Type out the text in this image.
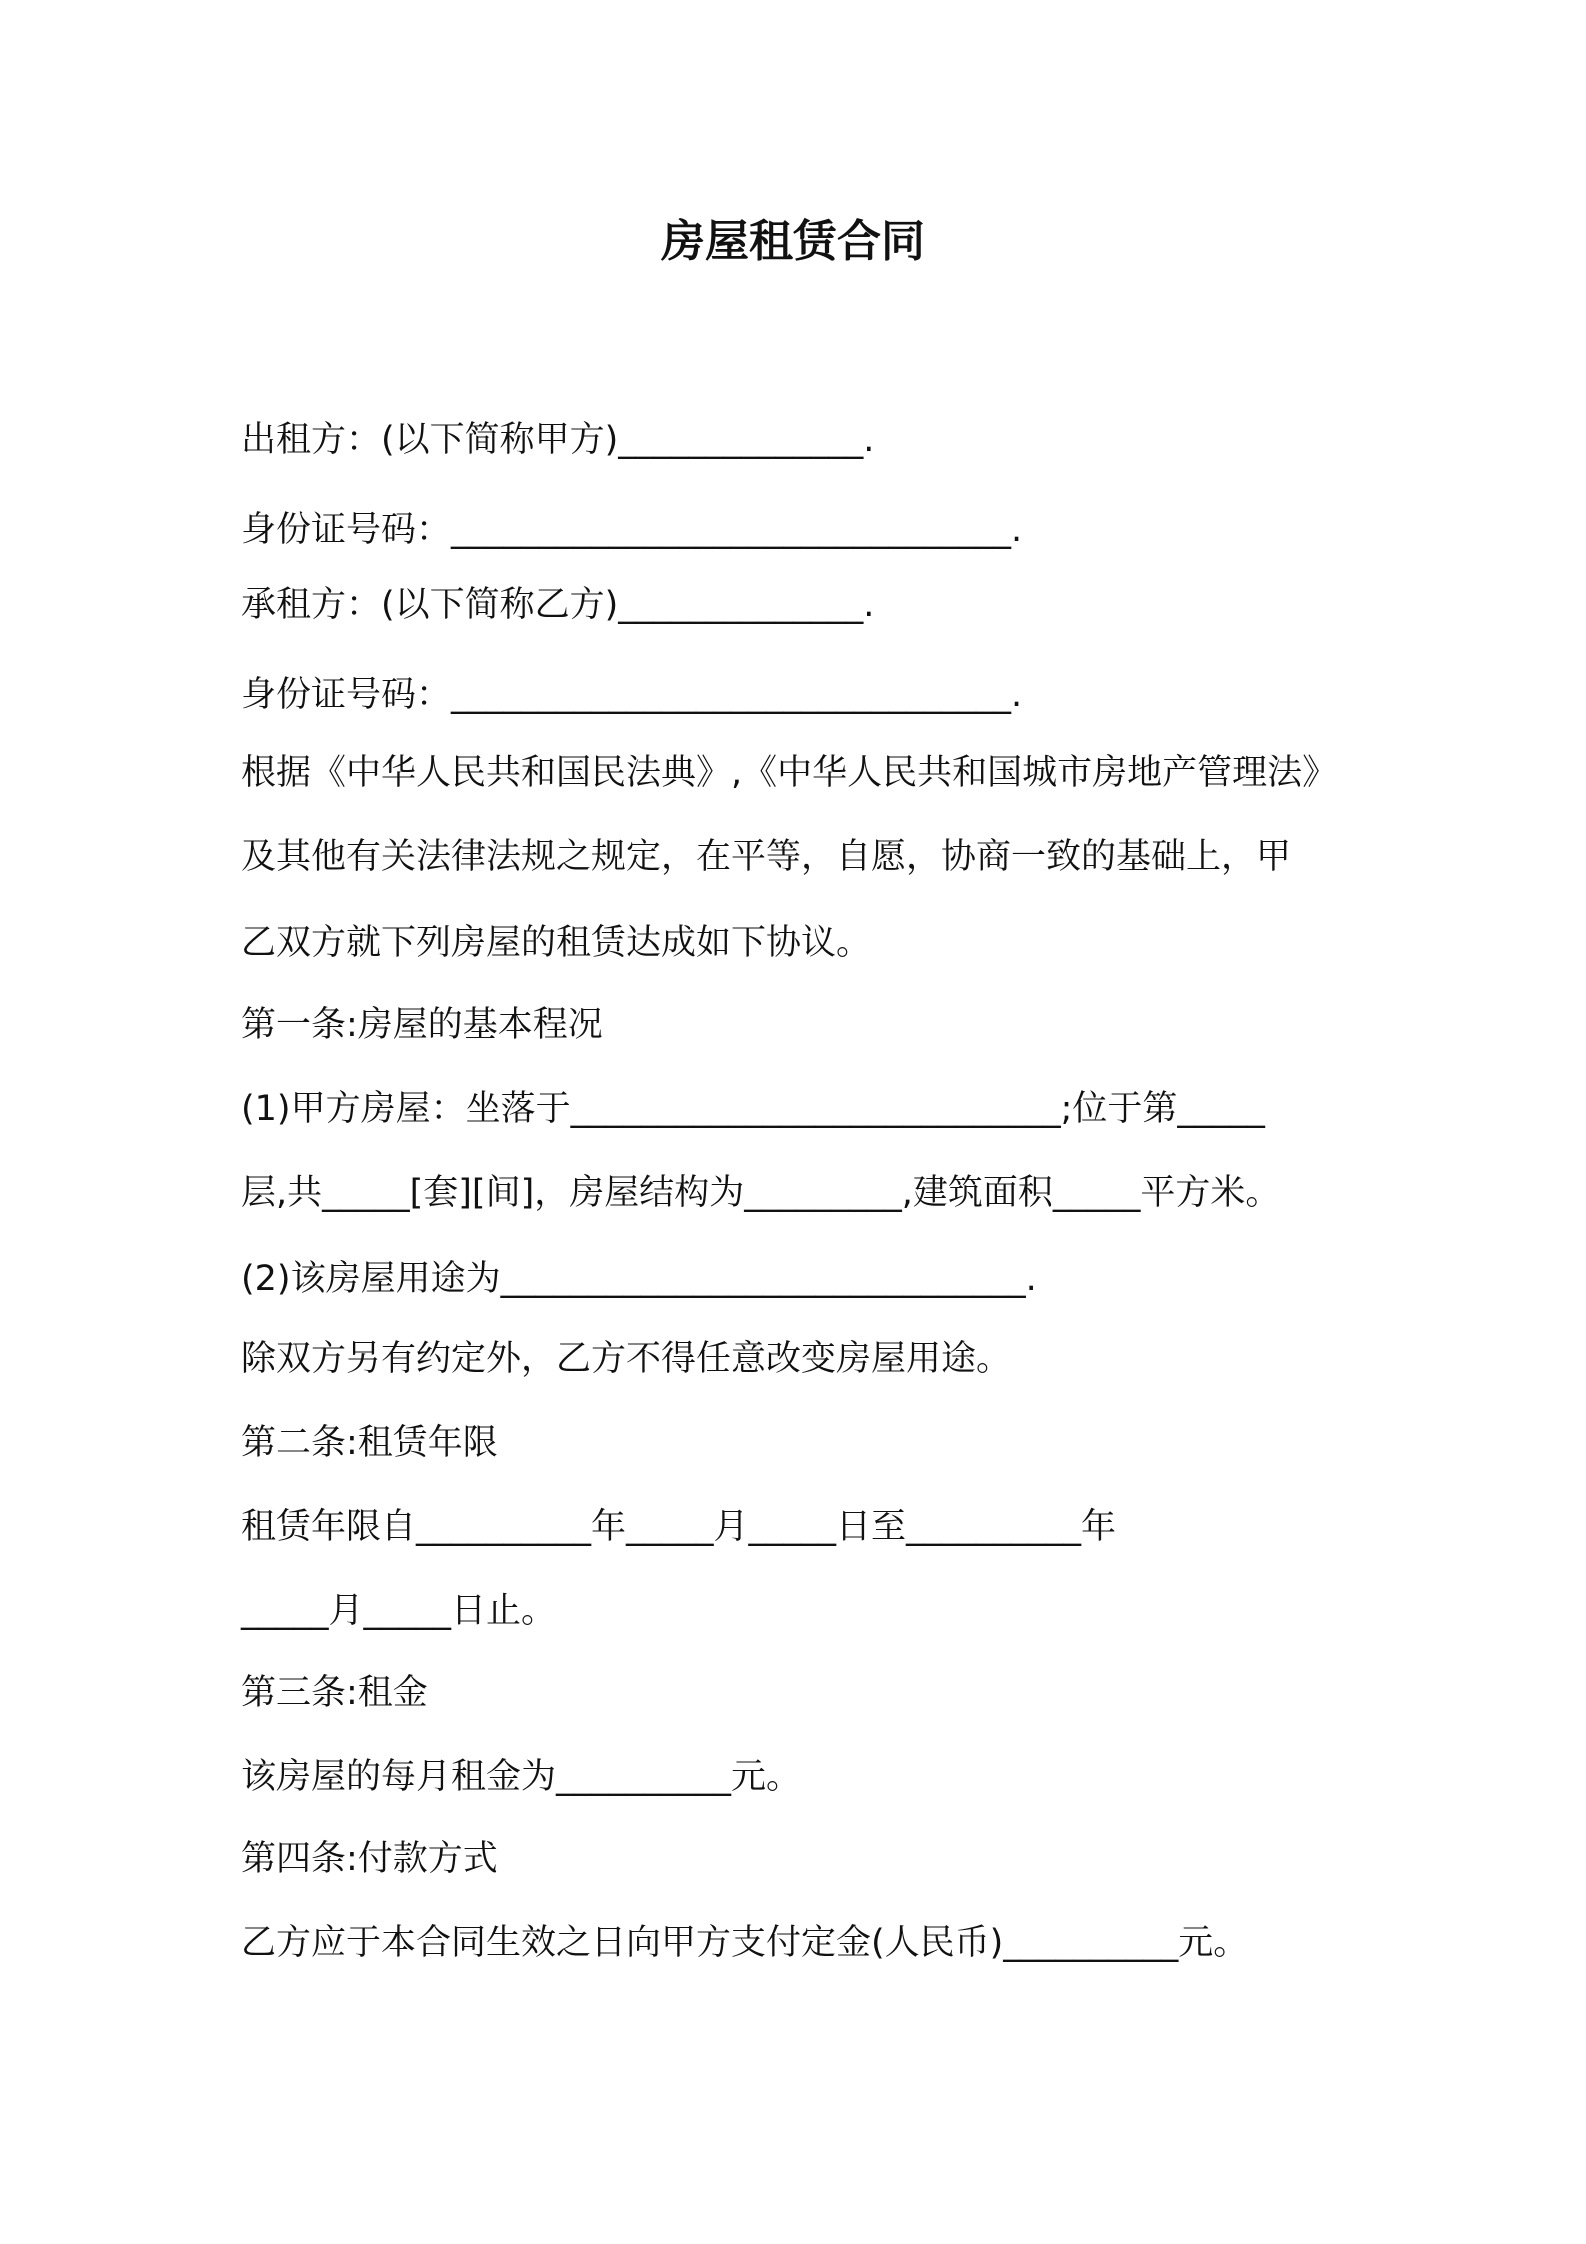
房屋租赁合同

出租方：(以下简称甲方)______________.

身份证号码：________________________________.

承租方：(以下简称乙方)______________.

身份证号码：________________________________.

根据《中华人民共和国民法典》,《中华人民共和国城市房地产管理法》

及其他有关法律法规之规定，在平等，自愿，协商一致的基础上，甲

乙双方就下列房屋的租赁达成如下协议。

第一条:房屋的基本程况

(1)甲方房屋：坐落于____________________________;位于第_____

层,共_____[套][间]，房屋结构为_________,建筑面积_____平方米。

(2)该房屋用途为______________________________.

除双方另有约定外，乙方不得任意改变房屋用途。

第二条:租赁年限

租赁年限自__________年_____月_____日至__________年

_____月_____日止。

第三条:租金

该房屋的每月租金为__________元。

第四条:付款方式

乙方应于本合同生效之日向甲方支付定金(人民币)__________元。
